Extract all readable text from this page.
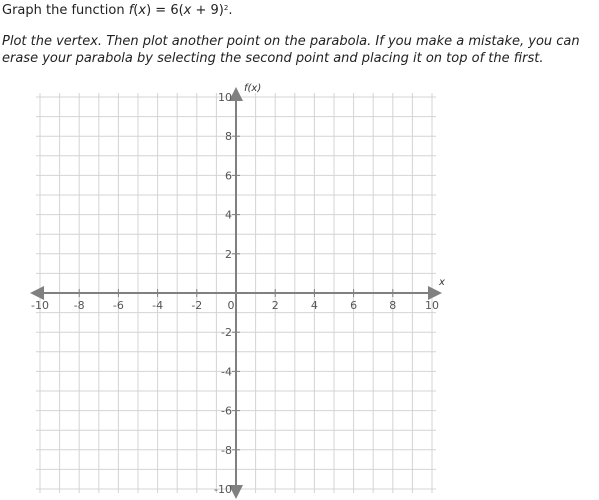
Graph the function $f(x) = 6(x + 9)^2$.
Plot the vertex. Then plot another point on the parabola. If you make a mistake, you can
erase your parabola by selecting the second point and placing it on top of the first.
-10 -8	-6	-4	-2 0	2	4	6	8	10
10
8
6
4
2
-2
-4
-6
-8
-10
x
f(x)
